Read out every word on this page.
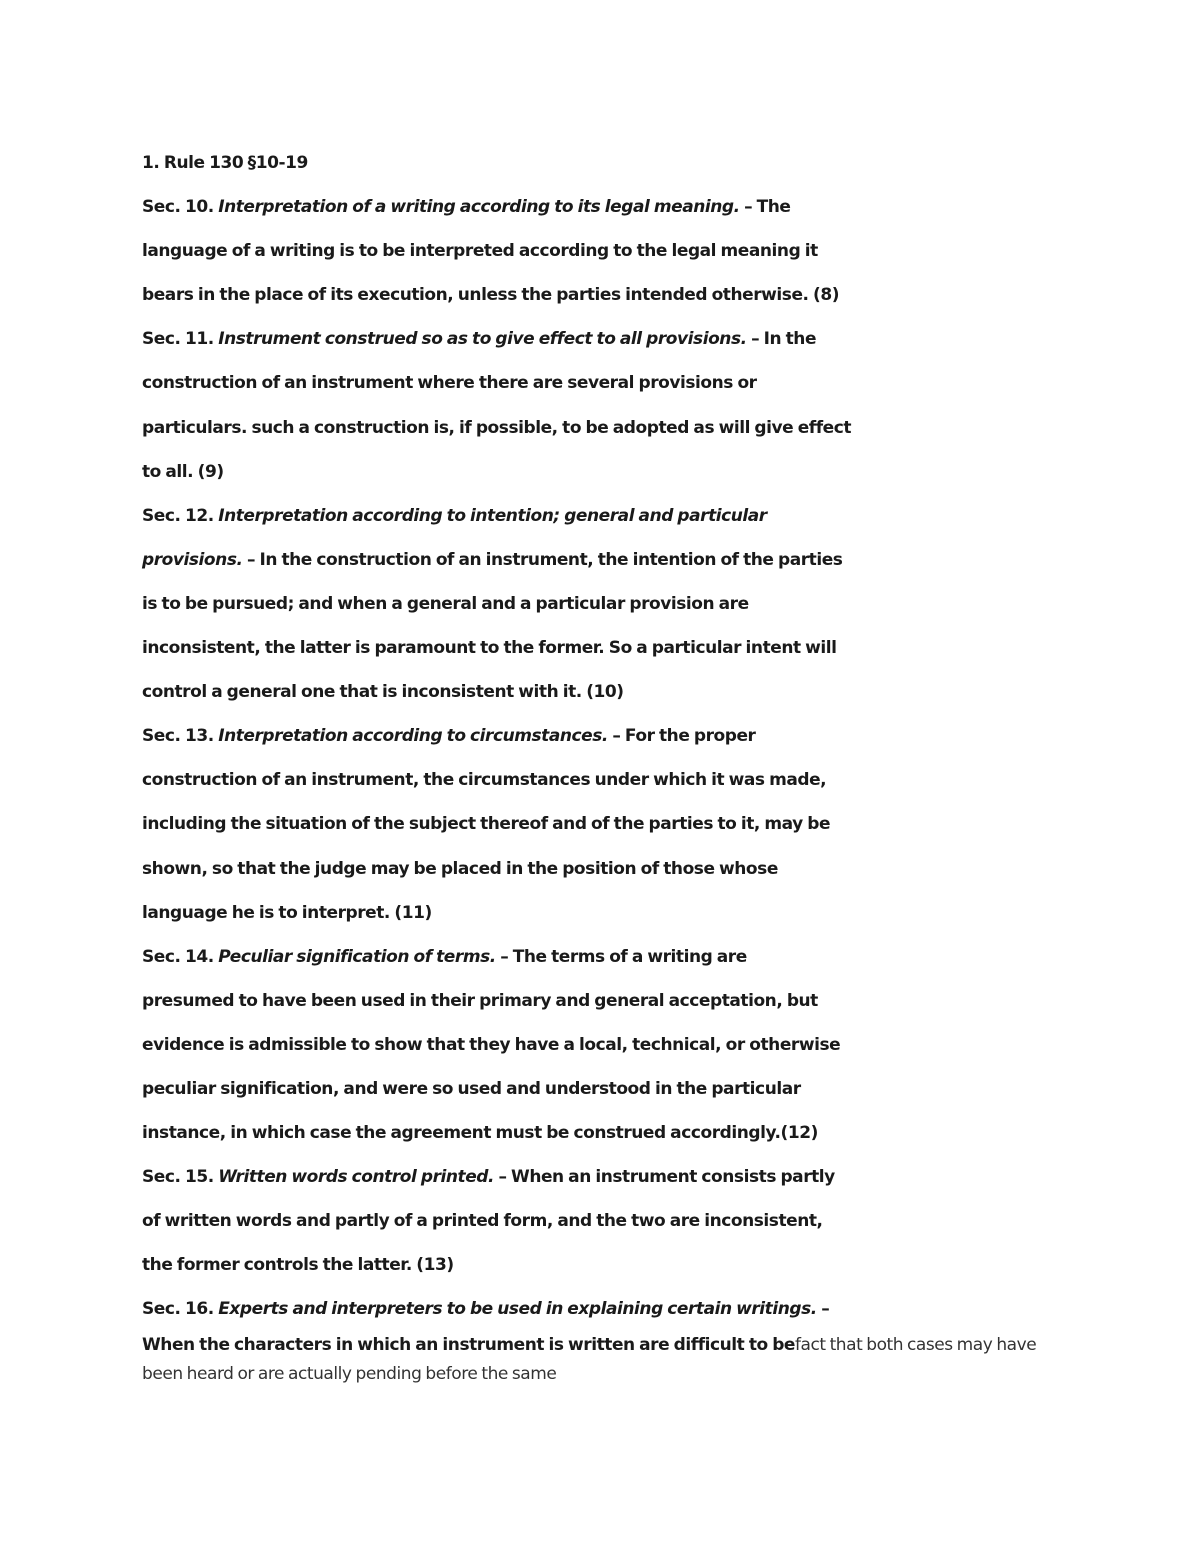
1. Rule 130 §10-19
Sec. 10. Interpretation of a writing according to its legal meaning. – The
language of a writing is to be interpreted according to the legal meaning it
bears in the place of its execution, unless the parties intended otherwise. (8)
Sec. 11. Instrument construed so as to give effect to all provisions. – In the
construction of an instrument where there are several provisions or
particulars. such a construction is, if possible, to be adopted as will give effect
to all. (9)
Sec. 12. Interpretation according to intention; general and particular
provisions. – In the construction of an instrument, the intention of the parties
is to be pursued; and when a general and a particular provision are
inconsistent, the latter is paramount to the former. So a particular intent will
control a general one that is inconsistent with it. (10)
Sec. 13. Interpretation according to circumstances. – For the proper
construction of an instrument, the circumstances under which it was made,
including the situation of the subject thereof and of the parties to it, may be
shown, so that the judge may be placed in the position of those whose
language he is to interpret. (11)
Sec. 14. Peculiar signification of terms. – The terms of a writing are
presumed to have been used in their primary and general acceptation, but
evidence is admissible to show that they have a local, technical, or otherwise
peculiar signification, and were so used and understood in the particular
instance, in which case the agreement must be construed accordingly.(12)
Sec. 15. Written words control printed. – When an instrument consists partly
of written words and partly of a printed form, and the two are inconsistent,
the former controls the latter. (13)
Sec. 16. Experts and interpreters to be used in explaining certain writings. –
When the characters in which an instrument is written are difficult to befact that both cases may have
been heard or are actually pending before the same
